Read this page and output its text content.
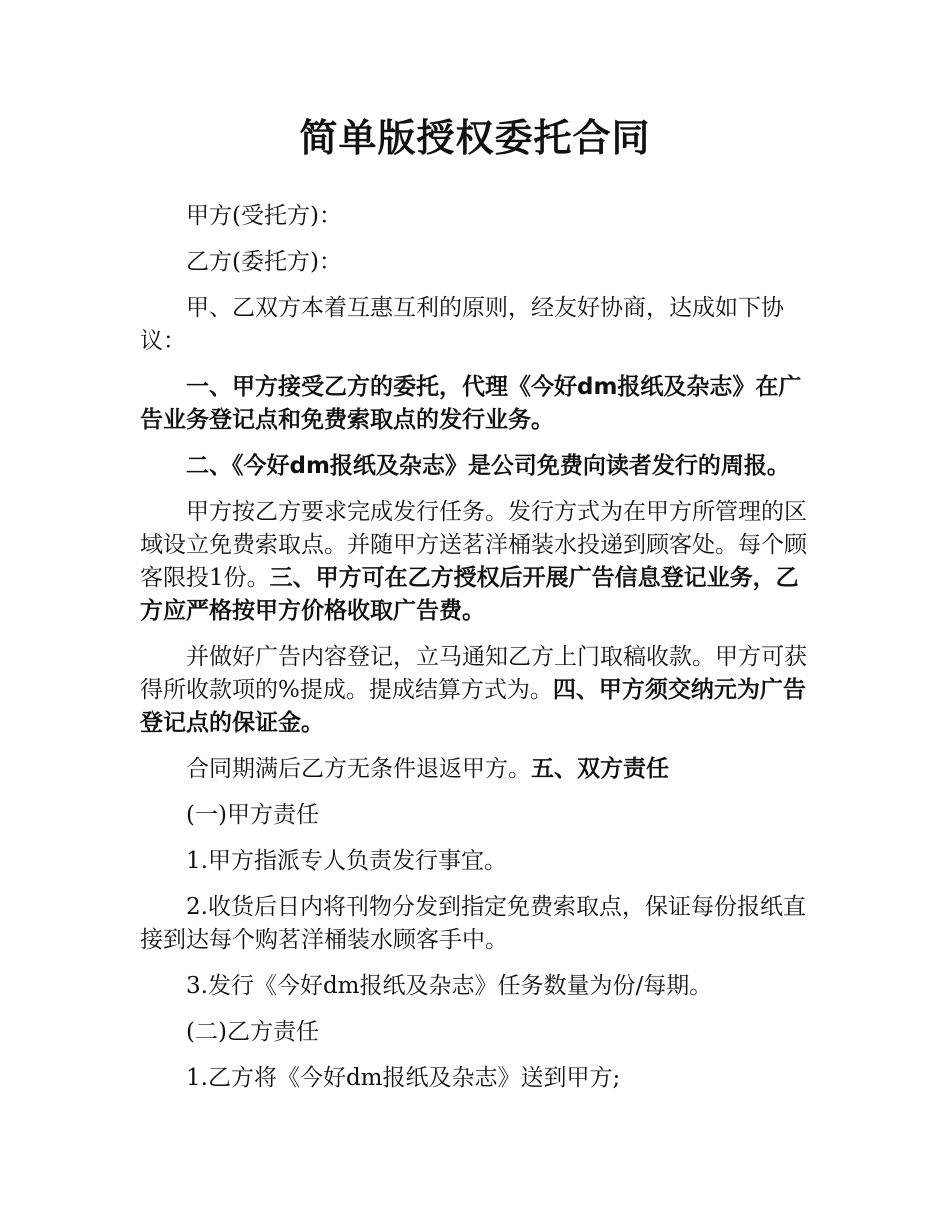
简单版授权委托合同

甲方(受托方)：

乙方(委托方)：

甲、乙双方本着互惠互利的原则，经友好协商，达成如下协议：

一、甲方接受乙方的委托，代理《今好dm报纸及杂志》在广告业务登记点和免费索取点的发行业务。

二、《今好dm报纸及杂志》是公司免费向读者发行的周报。

甲方按乙方要求完成发行任务。发行方式为在甲方所管理的区域设立免费索取点。并随甲方送茗洋桶装水投递到顾客处。每个顾客限投1份。三、甲方可在乙方授权后开展广告信息登记业务，乙方应严格按甲方价格收取广告费。

并做好广告内容登记，立马通知乙方上门取稿收款。甲方可获得所收款项的%提成。提成结算方式为。四、甲方须交纳元为广告登记点的保证金。

合同期满后乙方无条件退返甲方。五、双方责任

(一)甲方责任

1.甲方指派专人负责发行事宜。

2.收货后日内将刊物分发到指定免费索取点，保证每份报纸直接到达每个购茗洋桶装水顾客手中。

3.发行《今好dm报纸及杂志》任务数量为份/每期。

(二)乙方责任

1.乙方将《今好dm报纸及杂志》送到甲方;
